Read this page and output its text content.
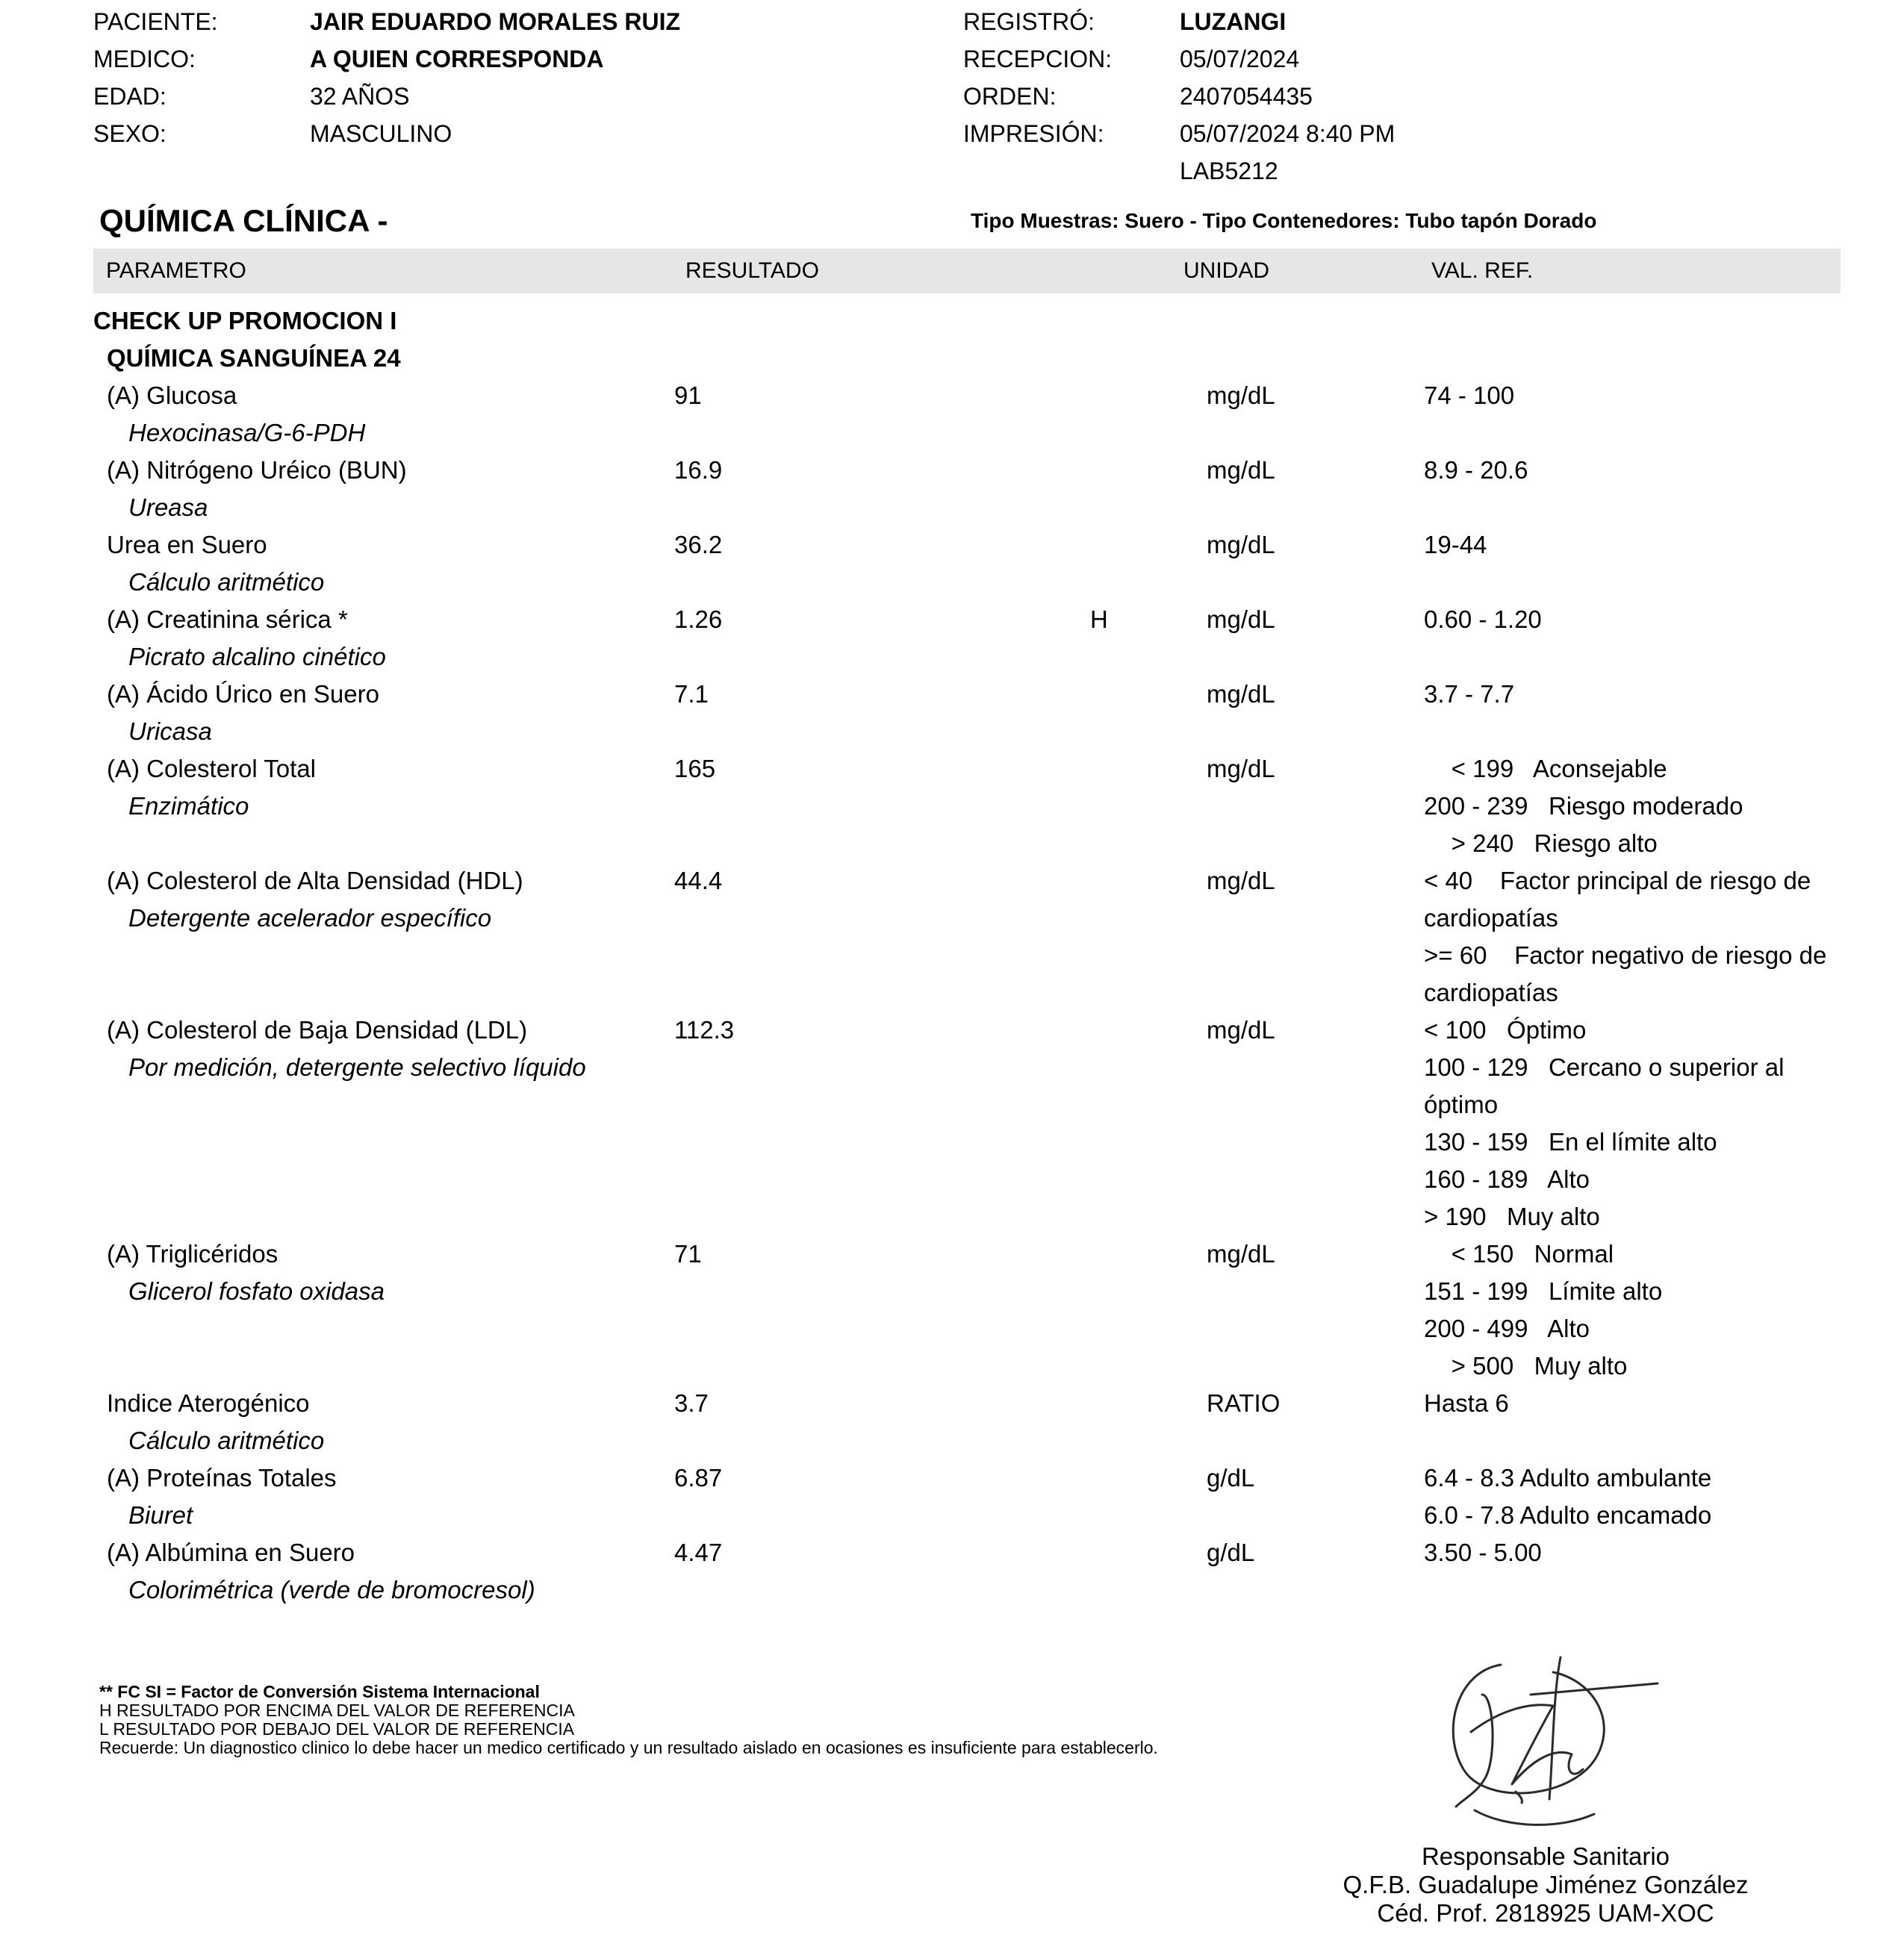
PACIENTE:	JAIR EDUARDO MORALES RUIZ
MEDICO:	A QUIEN CORRESPONDA
EDAD:	32 AÑOS
SEXO:	MASCULINO
REGISTRÓ:	LUZANGI
RECEPCION:	05/07/2024
ORDEN:	2407054435
IMPRESIÓN:	05/07/2024 8:40 PM
LAB5212
QUÍMICA CLÍNICA -	Tipo Muestras: Suero - Tipo Contenedores: Tubo tapón Dorado
PARAMETRO	RESULTADO	UNIDAD	VAL. REF.
CHECK UP PROMOCION I
QUÍMICA SANGUÍNEA 24
(A) Glucosa
Hexocinasa/G-6-PDH
91	mg/dL	74 - 100
(A) Nitrógeno Uréico (BUN)
Ureasa
16.9	mg/dL	8.9 - 20.6
Urea en Suero
Cálculo aritmético
36.2	mg/dL	19-44
(A) Creatinina sérica *
Picrato alcalino cinético
1.26	H	mg/dL	0.60 - 1.20
(A) Ácido Úrico en Suero
Uricasa
7.1	mg/dL	3.7 - 7.7
(A) Colesterol Total
Enzimático
165	mg/dL	< 199   Aconsejable
200 - 239   Riesgo moderado
> 240   Riesgo alto
(A) Colesterol de Alta Densidad (HDL)
Detergente acelerador específico
44.4	mg/dL	< 40    Factor principal de riesgo de
cardiopatías
>= 60    Factor negativo de riesgo de
cardiopatías
(A) Colesterol de Baja Densidad (LDL)
Por medición, detergente selectivo líquido
112.3	mg/dL	< 100   Óptimo
100 - 129   Cercano o superior al
óptimo
130 - 159   En el límite alto
160 - 189   Alto
> 190   Muy alto
(A) Triglicéridos
Glicerol fosfato oxidasa
71	mg/dL	< 150   Normal
151 - 199   Límite alto
200 - 499   Alto
> 500   Muy alto
Indice Aterogénico
Cálculo aritmético
3.7	RATIO	Hasta 6
(A) Proteínas Totales
Biuret
6.87	g/dL	6.4 - 8.3 Adulto ambulante
6.0 - 7.8 Adulto encamado
(A) Albúmina en Suero
Colorimétrica (verde de bromocresol)
4.47	g/dL	3.50 - 5.00
** FC SI = Factor de Conversión Sistema Internacional
H RESULTADO POR ENCIMA DEL VALOR DE REFERENCIA
L RESULTADO POR DEBAJO DEL VALOR DE REFERENCIA
Recuerde: Un diagnostico clinico lo debe hacer un medico certificado y un resultado aislado en ocasiones es insuficiente para establecerlo.
Responsable Sanitario
Q.F.B. Guadalupe Jiménez González
Céd. Prof. 2818925 UAM-XOC
